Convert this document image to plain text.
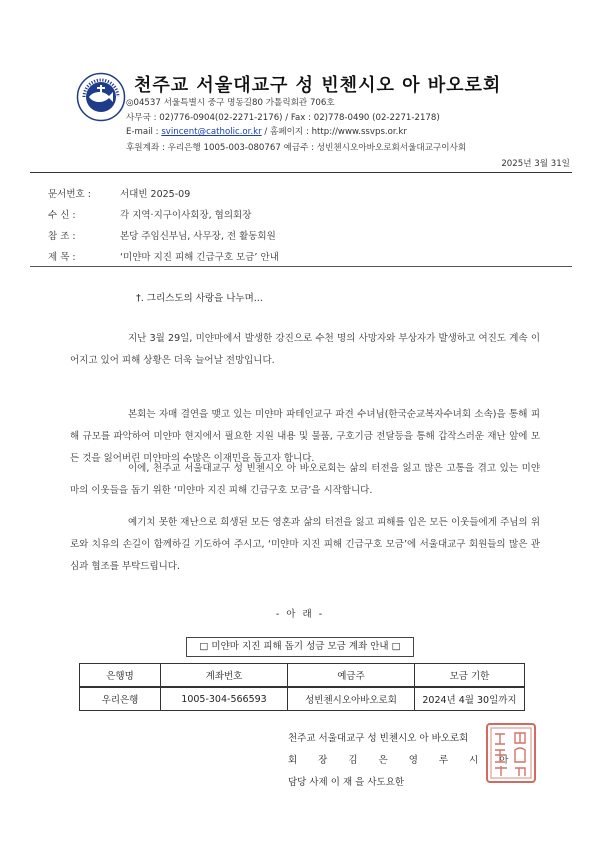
천주교 서울대교구 성 빈첸시오 아 바오로회
◎04537 서울특별시 중구 명동길80 가톨릭회관 706호
사무국 : 02)776-0904(02-2271-2176) / Fax : 02)778-0490 (02-2271-2178)
E-mail : svincent@catholic.or.kr / 홈페이지 : http://www.ssvps.or.kr
후원계좌 : 우리은행 1005-003-080767 예금주 : 성빈첸시오아바오로회서울대교구이사회
2025년 3월 31일
문서번호 :	서대빈 2025-09
수 신 :	각 지역·지구이사회장, 협의회장
참 조 :	본당 주임신부님, 사무장, 전 활동회원
제 목 :	‘미얀마 지진 피해 긴급구호 모금’ 안내
†. 그리스도의 사랑을 나누며...
지난 3월 29일, 미얀마에서 발생한 강진으로 수천 명의 사망자와 부상자가 발생하고 여진도 계속 이어지고 있어 피해 상황은 더욱 늘어날 전망입니다.
본회는 자매 결연을 맺고 있는 미얀마 파테인교구 파견 수녀님(한국순교복자수녀회 소속)을 통해 피해 규모를 파악하여 미얀마 현지에서 필요한 지원 내용 및 물품, 구호기금 전달등을 통해 갑작스러운 재난 앞에 모든 것을 잃어버린 미얀마의 수많은 이재민을 돕고자 합니다.
이에, 천주교 서울대교구 성 빈첸시오 아 바오로회는 삶의 터전을 잃고 많은 고통을 겪고 있는 미얀마의 이웃들을 돕기 위한 ‘미얀마 지진 피해 긴급구호 모금’을 시작합니다.
예기치 못한 재난으로 희생된 모든 영혼과 삶의 터전을 잃고 피해를 입은 모든 이웃들에게 주님의 위로와 치유의 손길이 함께하길 기도하여 주시고, ‘미얀마 지진 피해 긴급구호 모금’에 서울대교구 회원들의 많은 관심과 협조를 부탁드립니다.
- 아 래 -
□ 미얀마 지진 피해 돕기 성금 모금 계좌 안내 □
은행명	계좌번호	예금주	모금 기한
우리은행	1005-304-566593	성빈첸시오아바오로회	2024년 4월 30일까지
천주교 서울대교구 성 빈첸시오 아 바오로회
회장김은영루시아
담당 사제 이 재 을 사도요한
